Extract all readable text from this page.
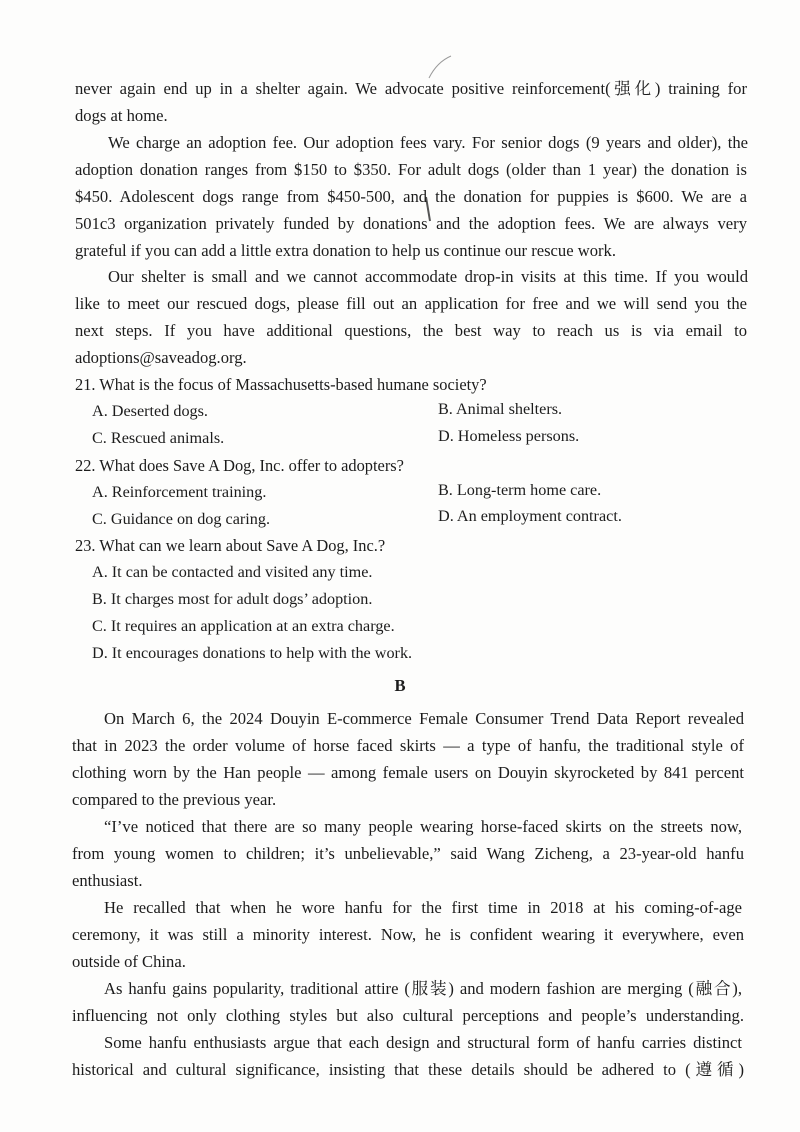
never again end up in a shelter again. We advocate positive reinforcement(强化) training for
dogs at home.
We charge an adoption fee. Our adoption fees vary. For senior dogs (9 years and older), the
adoption donation ranges from $150 to $350. For adult dogs (older than 1 year) the donation is
$450. Adolescent dogs range from $450-500, and the donation for puppies is $600. We are a
501c3 organization privately funded by donations and the adoption fees. We are always very
grateful if you can add a little extra donation to help us continue our rescue work.
Our shelter is small and we cannot accommodate drop-in visits at this time. If you would
like to meet our rescued dogs, please fill out an application for free and we will send you the
next steps. If you have additional questions, the best way to reach us is via email to
adoptions@saveadog.org.
21. What is the focus of Massachusetts-based humane society?
A. Deserted dogs.	B. Animal shelters.
C. Rescued animals.	D. Homeless persons.
22. What does Save A Dog, Inc. offer to adopters?
A. Reinforcement training.	B. Long-term home care.
C. Guidance on dog caring.	D. An employment contract.
23. What can we learn about Save A Dog, Inc.?
A. It can be contacted and visited any time.
B. It charges most for adult dogs’ adoption.
C. It requires an application at an extra charge.
D. It encourages donations to help with the work.
B
On March 6, the 2024 Douyin E-commerce Female Consumer Trend Data Report revealed
that in 2023 the order volume of horse faced skirts — a type of hanfu, the traditional style of
clothing worn by the Han people — among female users on Douyin skyrocketed by 841 percent
compared to the previous year.
“I’ve noticed that there are so many people wearing horse-faced skirts on the streets now,
from young women to children; it’s unbelievable,” said Wang Zicheng, a 23-year-old hanfu
enthusiast.
He recalled that when he wore hanfu for the first time in 2018 at his coming-of-age
ceremony, it was still a minority interest. Now, he is confident wearing it everywhere, even
outside of China.
As hanfu gains popularity, traditional attire (服装) and modern fashion are merging (融合),
influencing not only clothing styles but also cultural perceptions and people’s understanding.
Some hanfu enthusiasts argue that each design and structural form of hanfu carries distinct
historical and cultural significance, insisting that these details should be adhered to (遵循)
